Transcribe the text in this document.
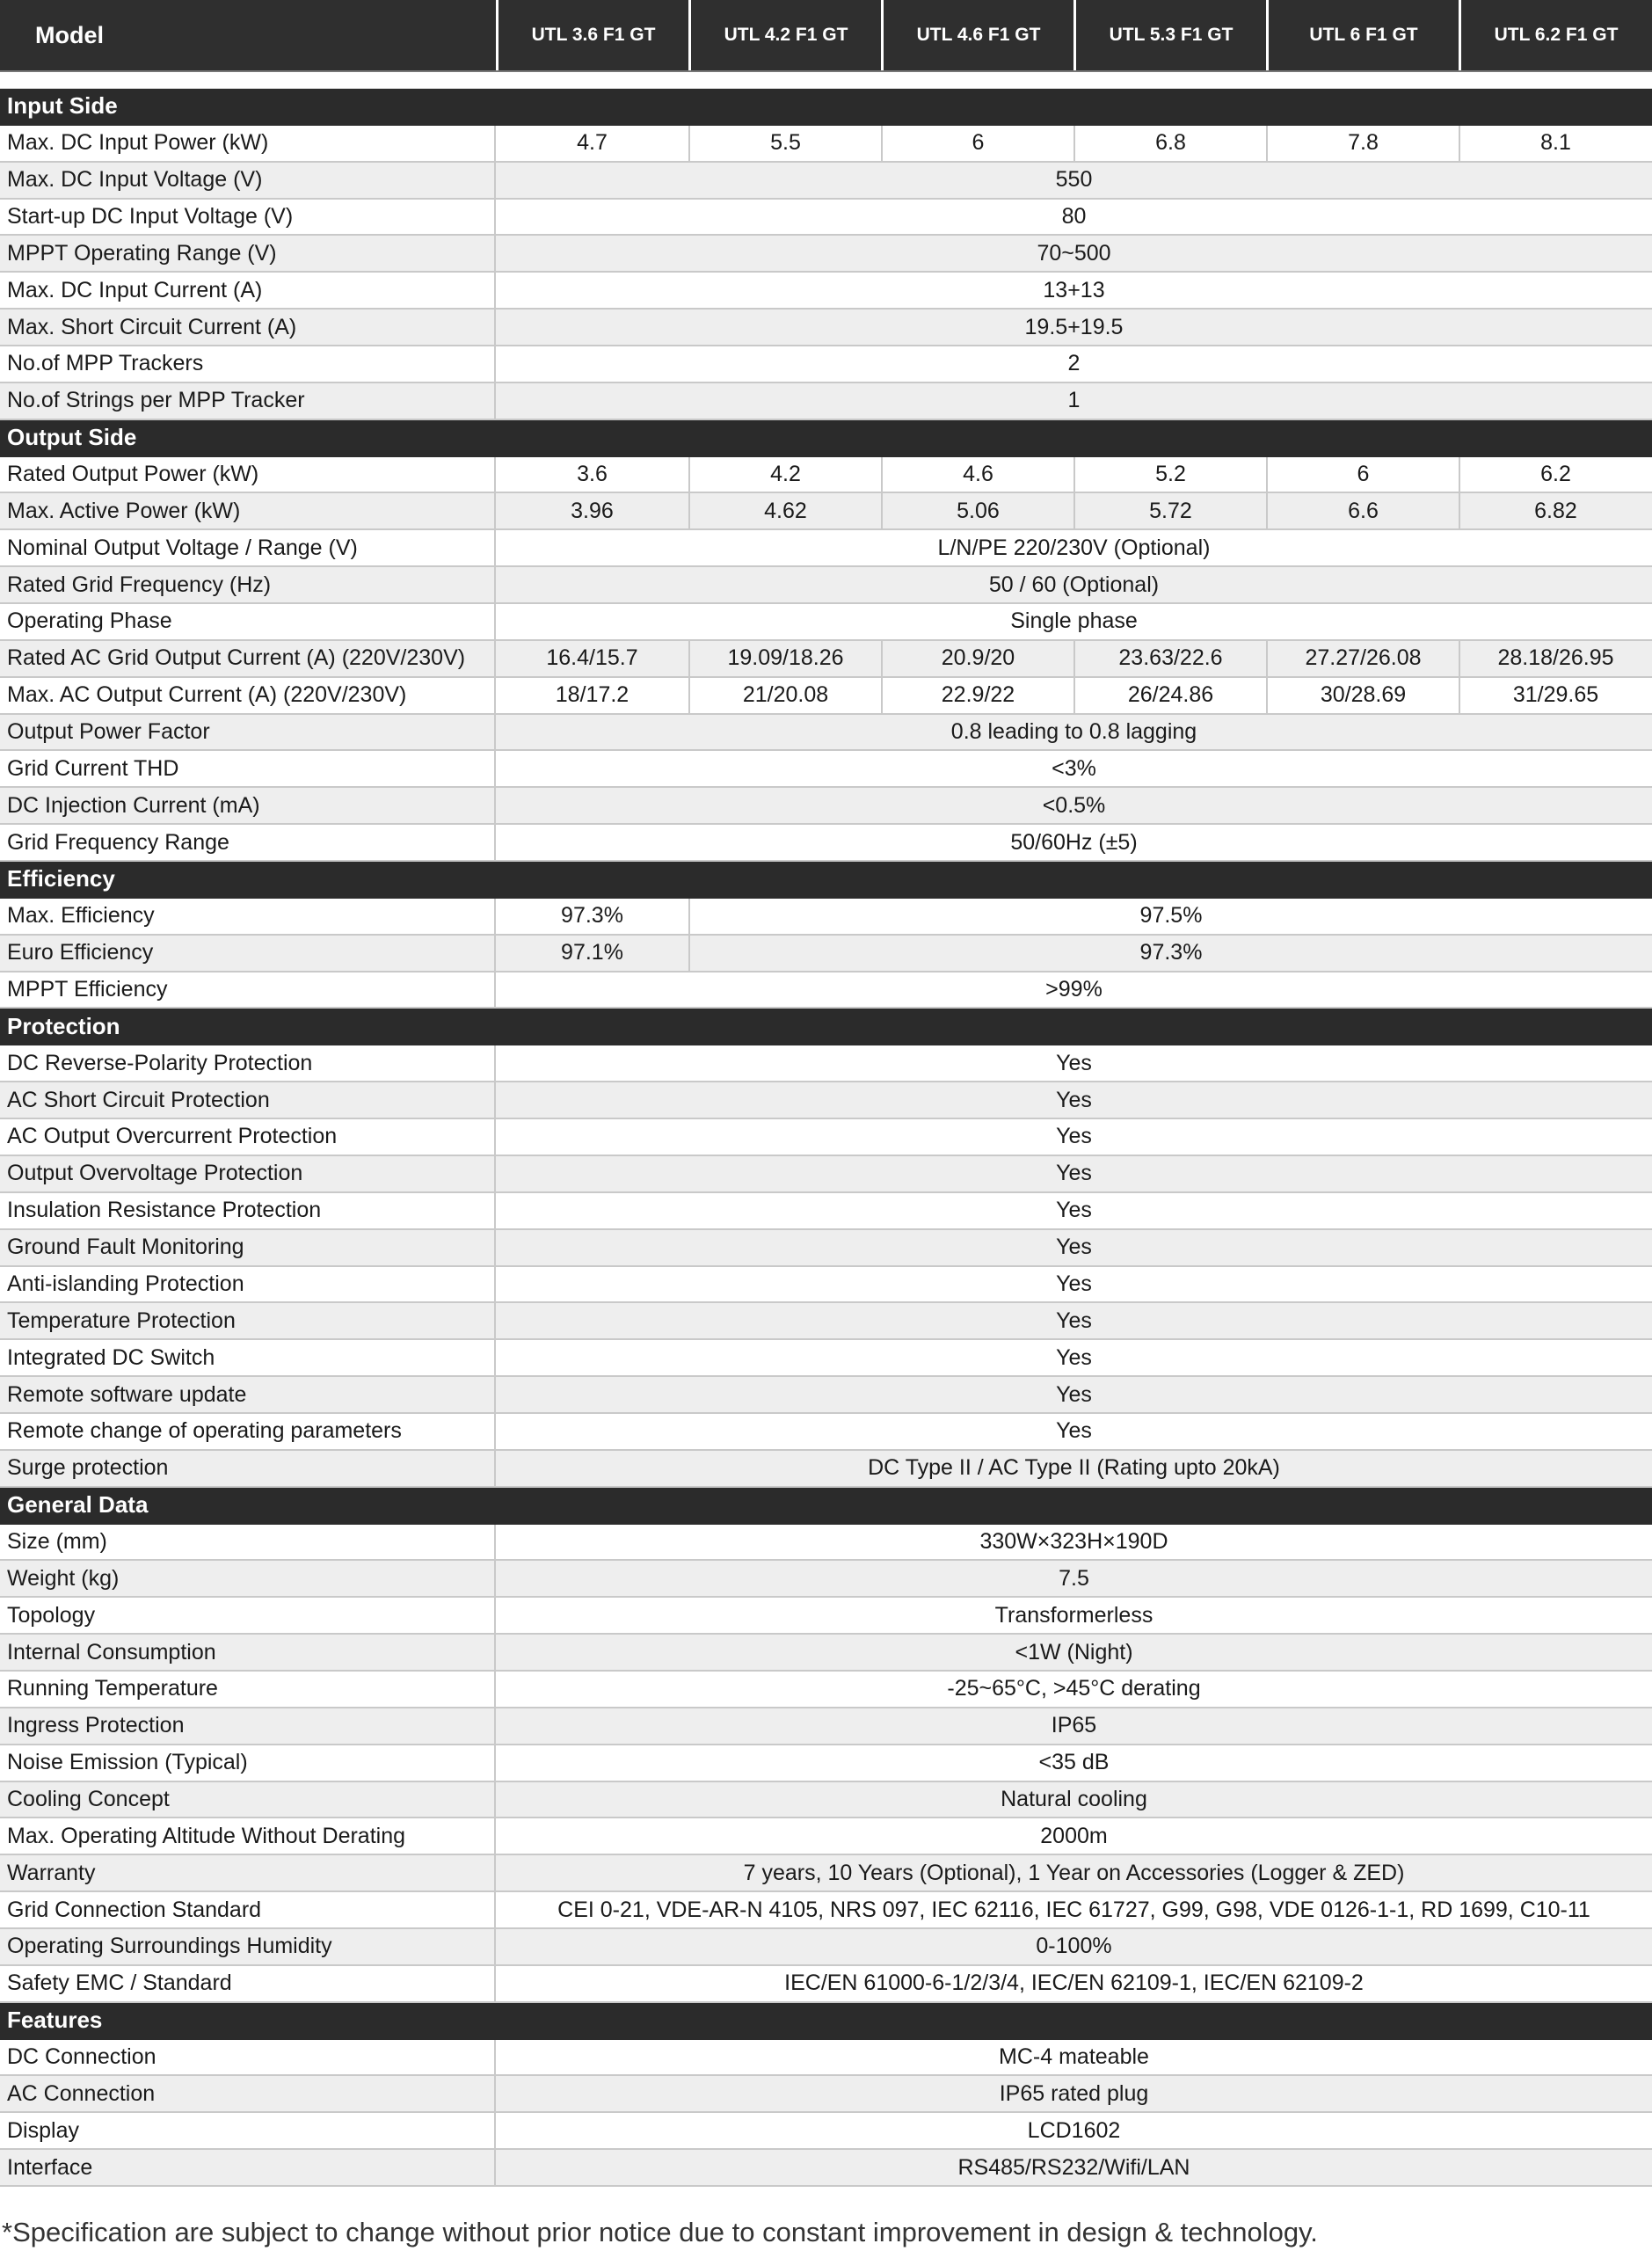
Model	UTL 3.6 F1 GT	UTL 4.2 F1 GT	UTL 4.6 F1 GT	UTL 5.3 F1 GT	UTL 6 F1 GT	UTL 6.2 F1 GT
Input Side
Max. DC Input Power (kW)	4.7	5.5	6	6.8	7.8	8.1
Max. DC Input Voltage (V)	550
Start-up DC Input Voltage (V)	80
MPPT Operating Range (V)	70~500
Max. DC Input Current (A)	13+13
Max. Short Circuit Current (A)	19.5+19.5
No.of MPP Trackers	2
No.of Strings per MPP Tracker	1
Output Side
Rated Output Power (kW)	3.6	4.2	4.6	5.2	6	6.2
Max. Active Power (kW)	3.96	4.62	5.06	5.72	6.6	6.82
Nominal Output Voltage / Range (V)	L/N/PE 220/230V (Optional)
Rated Grid Frequency (Hz)	50 / 60 (Optional)
Operating Phase	Single phase
Rated AC Grid Output Current (A) (220V/230V)	16.4/15.7	19.09/18.26	20.9/20	23.63/22.6	27.27/26.08	28.18/26.95
Max. AC Output Current (A) (220V/230V)	18/17.2	21/20.08	22.9/22	26/24.86	30/28.69	31/29.65
Output Power Factor	0.8 leading to 0.8 lagging
Grid Current THD	<3%
DC Injection Current (mA)	<0.5%
Grid Frequency Range	50/60Hz (±5)
Efficiency
Max. Efficiency	97.3%	97.5%
Euro Efficiency	97.1%	97.3%
MPPT Efficiency	>99%
Protection
DC Reverse-Polarity Protection	Yes
AC Short Circuit Protection	Yes
AC Output Overcurrent Protection	Yes
Output Overvoltage Protection	Yes
Insulation Resistance Protection	Yes
Ground Fault Monitoring	Yes
Anti-islanding Protection	Yes
Temperature Protection	Yes
Integrated DC Switch	Yes
Remote software update	Yes
Remote change of operating parameters	Yes
Surge protection	DC Type II / AC Type II (Rating upto 20kA)
General Data
Size (mm)	330W×323H×190D
Weight (kg)	7.5
Topology	Transformerless
Internal Consumption	<1W (Night)
Running Temperature	-25~65°C, >45°C derating
Ingress Protection	IP65
Noise Emission (Typical)	<35 dB
Cooling Concept	Natural cooling
Max. Operating Altitude Without Derating	2000m
Warranty	7 years, 10 Years (Optional), 1 Year on Accessories (Logger & ZED)
Grid Connection Standard	CEI 0-21, VDE-AR-N 4105, NRS 097, IEC 62116, IEC 61727, G99, G98, VDE 0126-1-1, RD 1699, C10-11
Operating Surroundings Humidity	0-100%
Safety EMC / Standard	IEC/EN 61000-6-1/2/3/4, IEC/EN 62109-1, IEC/EN 62109-2
Features
DC Connection	MC-4 mateable
AC Connection	IP65 rated plug
Display	LCD1602
Interface	RS485/RS232/Wifi/LAN
*Specification are subject to change without prior notice due to constant improvement in design & technology.
